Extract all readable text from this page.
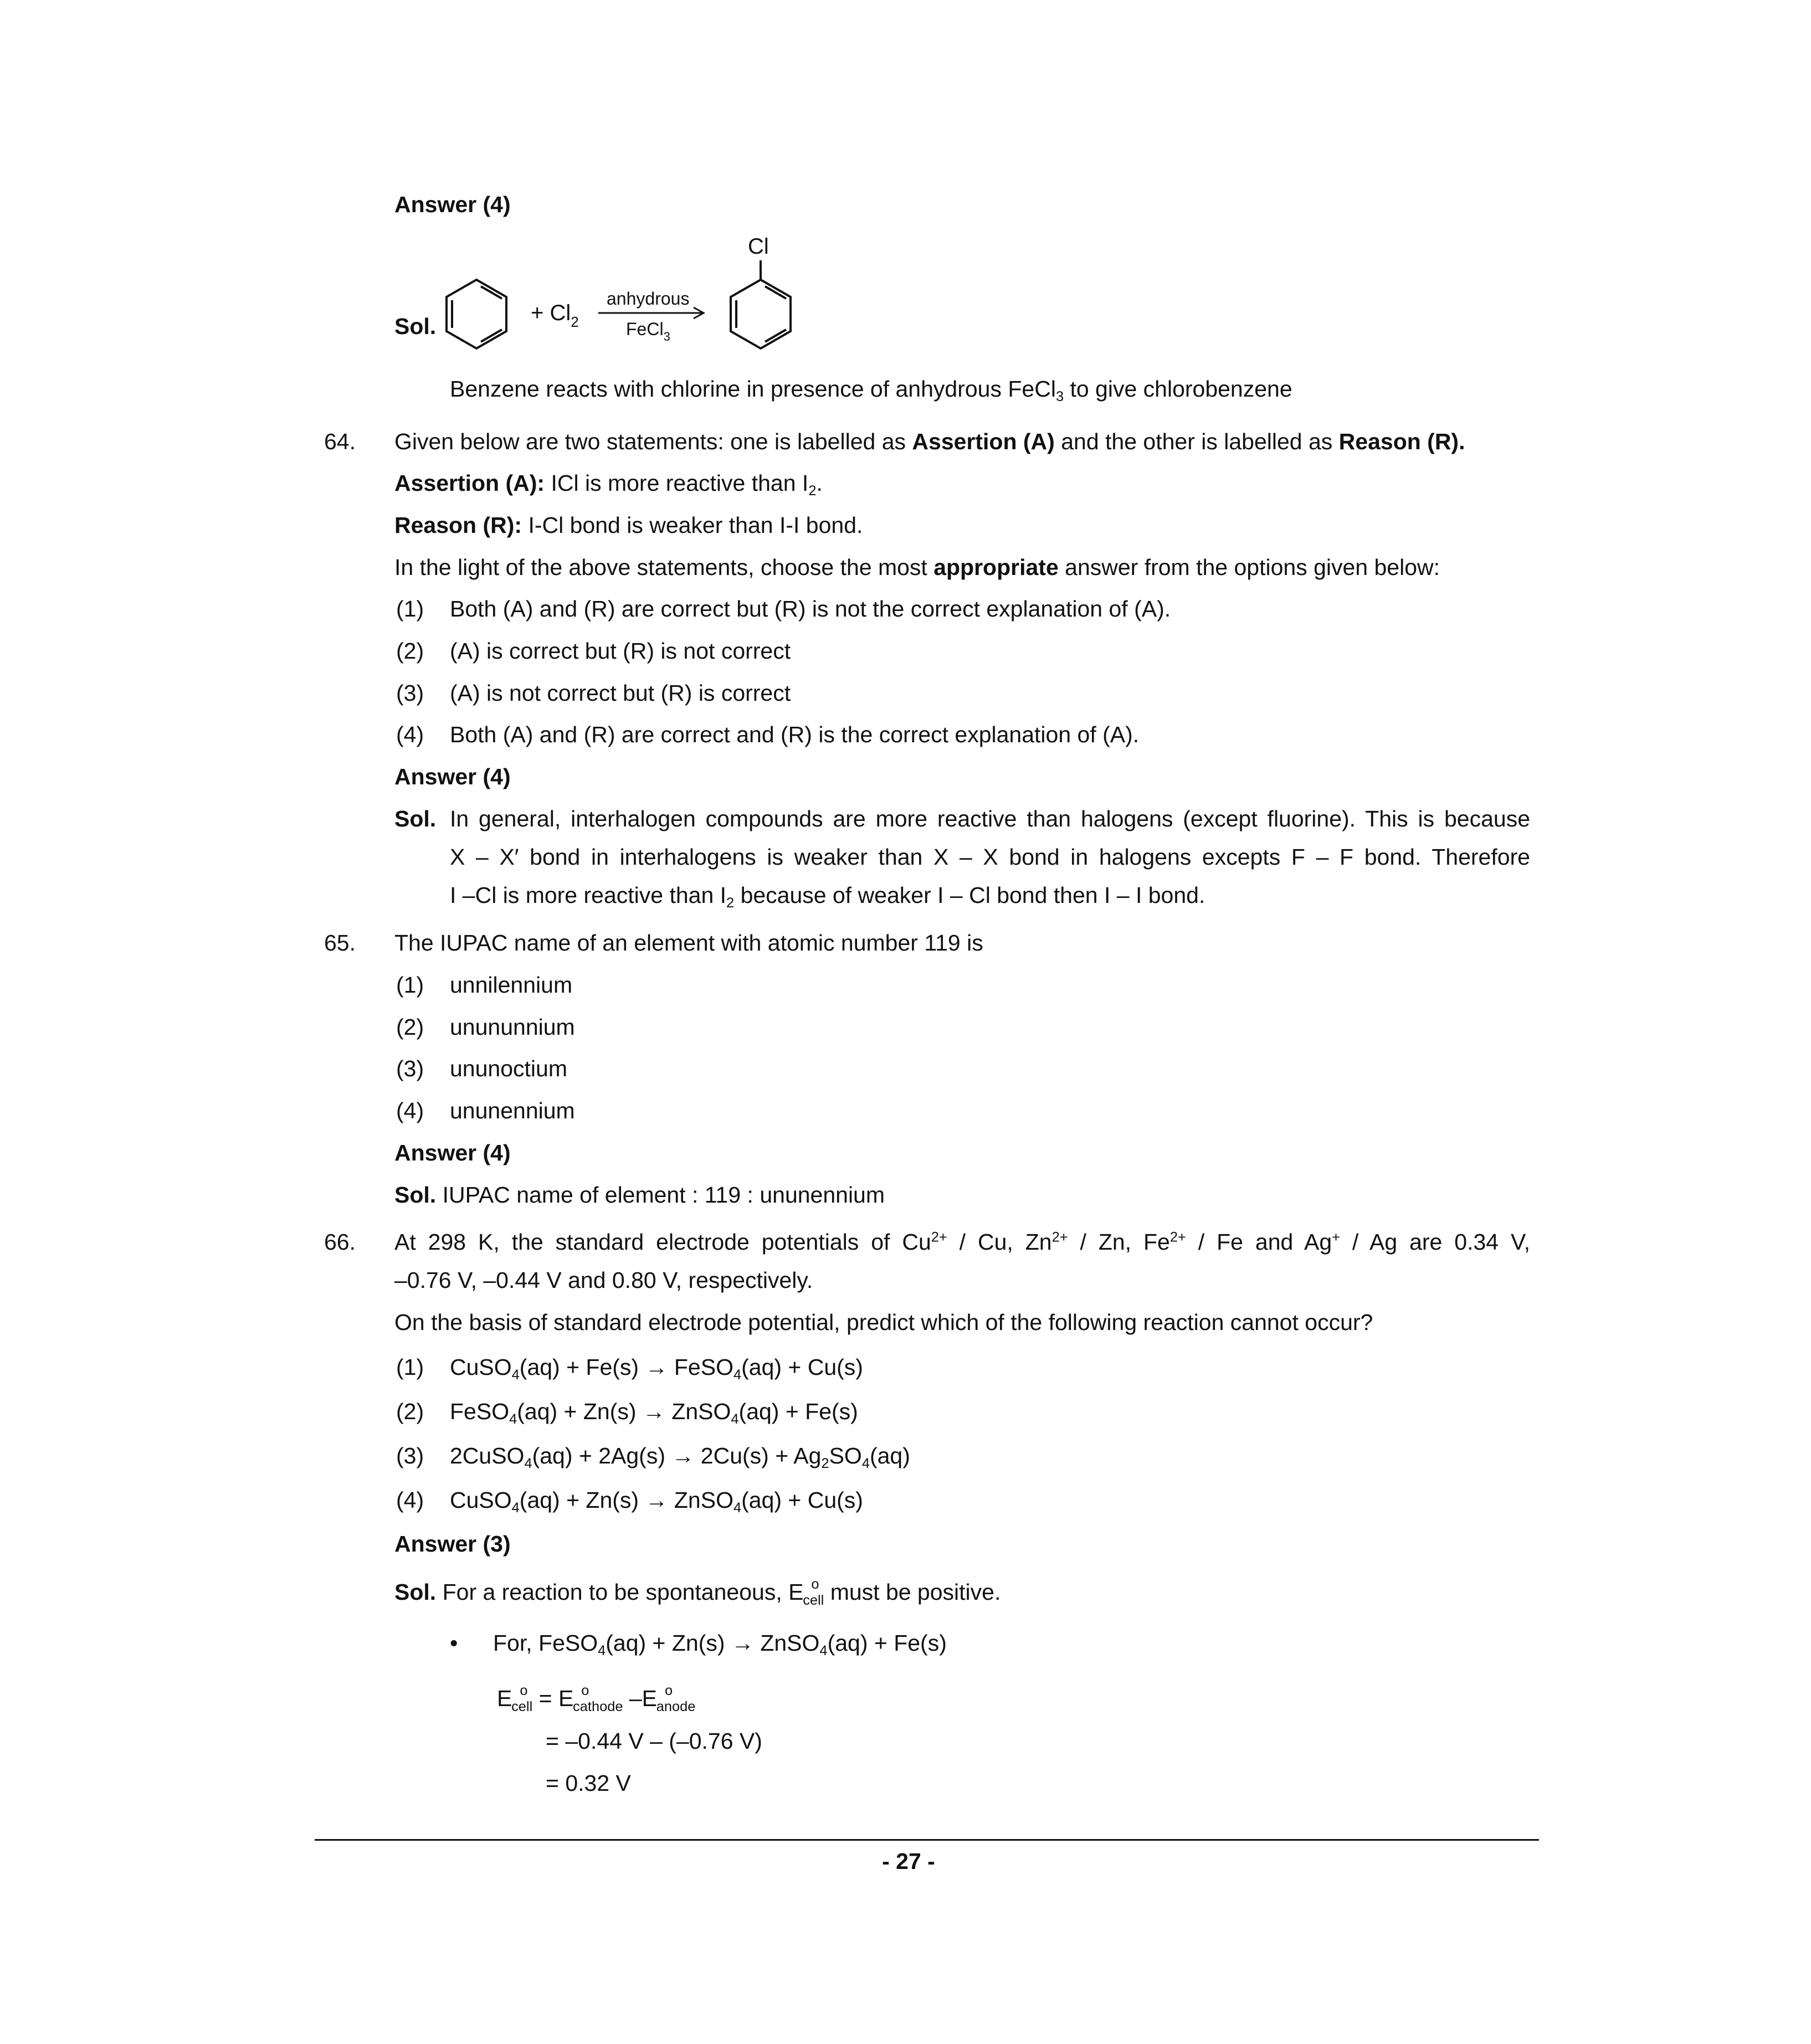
Answer (4)
Sol.
+ $Cl_2$
anhydrous
FeCl$_3$
Cl
Benzene reacts with chlorine in presence of anhydrous FeCl3 to give chlorobenzene
64. Given below are two statements: one is labelled as Assertion (A) and the other is labelled as Reason (R).
Assertion (A): ICl is more reactive than I2.
Reason (R): I-Cl bond is weaker than I-I bond.
In the light of the above statements, choose the most appropriate answer from the options given below:
(1) Both (A) and (R) are correct but (R) is not the correct explanation of (A).
(2) (A) is correct but (R) is not correct
(3) (A) is not correct but (R) is correct
(4) Both (A) and (R) are correct and (R) is the correct explanation of (A).
Answer (4)
Sol. In general, interhalogen compounds are more reactive than halogens (except fluorine). This is because
X – X′ bond in interhalogens is weaker than X – X bond in halogens excepts F – F bond. Therefore
I –Cl is more reactive than I2 because of weaker I – Cl bond then I – I bond.
65. The IUPAC name of an element with atomic number 119 is
(1) unnilennium
(2) unununnium
(3) ununoctium
(4) ununennium
Answer (4)
Sol. IUPAC name of element : 119 : ununennium
66. At 298 K, the standard electrode potentials of $Cu^{2+}$ / Cu, $Zn^{2+}$ / Zn, $Fe^{2+}$ / Fe and Ag+ / Ag are 0.34 V,
–0.76 V, –0.44 V and 0.80 V, respectively.
On the basis of standard electrode potential, predict which of the following reaction cannot occur?
(1) CuSO4(aq) + Fe(s) → FeSO4(aq) + Cu(s)
(2) FeSO4(aq) + Zn(s) → ZnSO4(aq) + Fe(s)
(3) 2CuSO4(aq) + 2Ag(s) → 2Cu(s) + Ag2SO4(aq)
(4) CuSO4(aq) + Zn(s) → ZnSO4(aq) + Cu(s)
Answer (3)
Sol. For a reaction to be spontaneous, E o
$_{cell}$ must be positive.
• For, FeSO4(aq) + Zn(s) → ZnSO4(aq) + Fe(s)
E o
$_{cell}$ = E o
$_{cathode}$ –E o
$_{anode}$
= –0.44 V – (–0.76 V)
= 0.32 V
- 27 -
